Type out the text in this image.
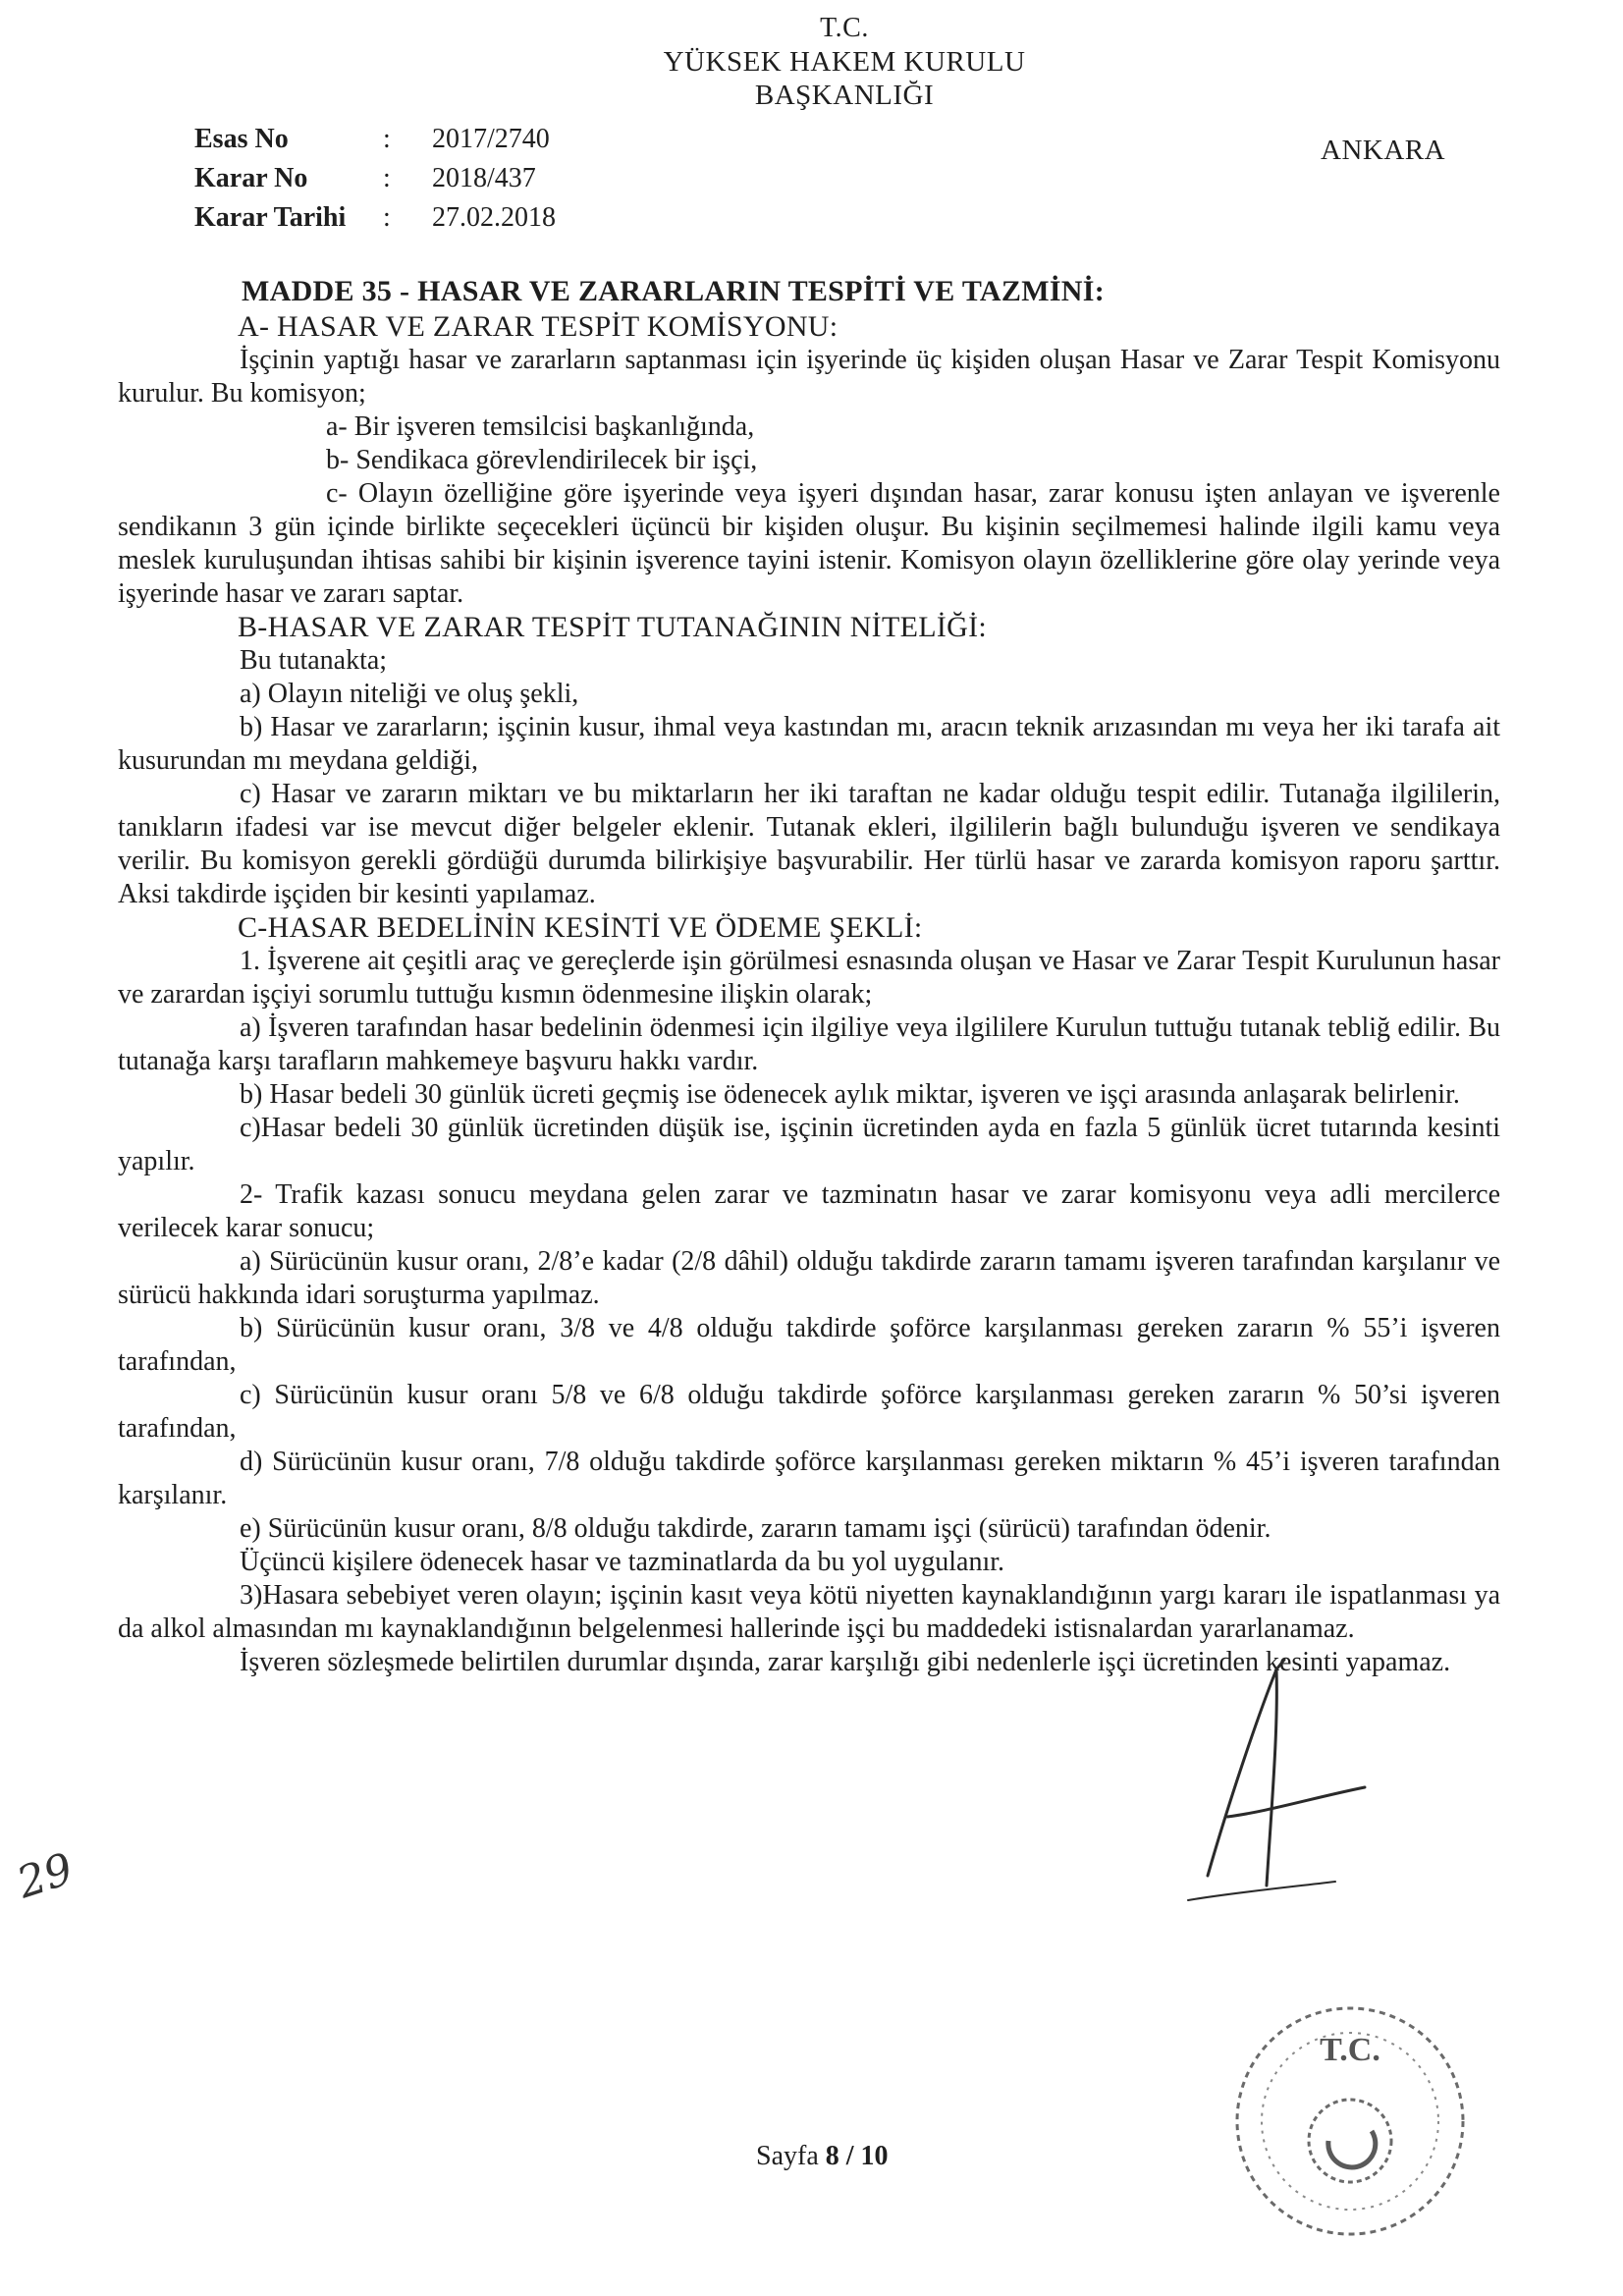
T.C.
YÜKSEK HAKEM KURULU
BAŞKANLIĞI
Esas No	:	2017/2740
Karar No	:	2018/437
Karar Tarihi	:	27.02.2018
ANKARA

MADDE 35 - HASAR VE ZARARLARIN TESPİTİ VE TAZMİNİ:

A- HASAR VE ZARAR TESPİT KOMİSYONU:

İşçinin yaptığı hasar ve zararların saptanması için işyerinde üç kişiden oluşan Hasar ve Zarar Tespit Komisyonu kurulur. Bu komisyon;

a- Bir işveren temsilcisi başkanlığında,

b- Sendikaca görevlendirilecek bir işçi,

c- Olayın özelliğine göre işyerinde veya işyeri dışından hasar, zarar konusu işten anlayan ve işverenle sendikanın 3 gün içinde birlikte seçecekleri üçüncü bir kişiden oluşur. Bu kişinin seçilmemesi halinde ilgili kamu veya meslek kuruluşundan ihtisas sahibi bir kişinin işverence tayini istenir. Komisyon olayın özelliklerine göre olay yerinde veya işyerinde hasar ve zararı saptar.

B-HASAR VE ZARAR TESPİT TUTANAĞININ NİTELİĞİ:

Bu tutanakta;

a) Olayın niteliği ve oluş şekli,

b) Hasar ve zararların; işçinin kusur, ihmal veya kastından mı, aracın teknik arızasından mı veya her iki tarafa ait kusurundan mı meydana geldiği,

c) Hasar ve zararın miktarı ve bu miktarların her iki taraftan ne kadar olduğu tespit edilir. Tutanağa ilgililerin, tanıkların ifadesi var ise mevcut diğer belgeler eklenir. Tutanak ekleri, ilgililerin bağlı bulunduğu işveren ve sendikaya verilir. Bu komisyon gerekli gördüğü durumda bilirkişiye başvurabilir. Her türlü hasar ve zararda komisyon raporu şarttır. Aksi takdirde işçiden bir kesinti yapılamaz.

C-HASAR BEDELİNİN KESİNTİ VE ÖDEME ŞEKLİ:

1. İşverene ait çeşitli araç ve gereçlerde işin görülmesi esnasında oluşan ve Hasar ve Zarar Tespit Kurulunun hasar ve zarardan işçiyi sorumlu tuttuğu kısmın ödenmesine ilişkin olarak;

a) İşveren tarafından hasar bedelinin ödenmesi için ilgiliye veya ilgililere Kurulun tuttuğu tutanak tebliğ edilir. Bu tutanağa karşı tarafların mahkemeye başvuru hakkı vardır.

b) Hasar bedeli 30 günlük ücreti geçmiş ise ödenecek aylık miktar, işveren ve işçi arasında anlaşarak belirlenir.

c)Hasar bedeli 30 günlük ücretinden düşük ise, işçinin ücretinden ayda en fazla 5 günlük ücret tutarında kesinti yapılır.

2- Trafik kazası sonucu meydana gelen zarar ve tazminatın hasar ve zarar komisyonu veya adli mercilerce verilecek karar sonucu;

a) Sürücünün kusur oranı, 2/8’e kadar (2/8 dâhil) olduğu takdirde zararın tamamı işveren tarafından karşılanır ve sürücü hakkında idari soruşturma yapılmaz.

b) Sürücünün kusur oranı, 3/8 ve 4/8 olduğu takdirde şoförce karşılanması gereken zararın % 55’i işveren tarafından,

c) Sürücünün kusur oranı 5/8 ve 6/8 olduğu takdirde şoförce karşılanması gereken zararın % 50’si işveren tarafından,

d) Sürücünün kusur oranı, 7/8 olduğu takdirde şoförce karşılanması gereken miktarın % 45’i işveren tarafından karşılanır.

e) Sürücünün kusur oranı, 8/8 olduğu takdirde, zararın tamamı işçi (sürücü) tarafından ödenir.

Üçüncü kişilere ödenecek hasar ve tazminatlarda da bu yol uygulanır.

3)Hasara sebebiyet veren olayın; işçinin kasıt veya kötü niyetten kaynaklandığının yargı kararı ile ispatlanması ya da alkol almasından mı kaynaklandığının belgelenmesi hallerinde işçi bu maddedeki istisnalardan yararlanamaz.

İşveren sözleşmede belirtilen durumlar dışında, zarar karşılığı gibi nedenlerle işçi ücretinden kesinti yapamaz.

29
T.C.
Sayfa 8 / 10
